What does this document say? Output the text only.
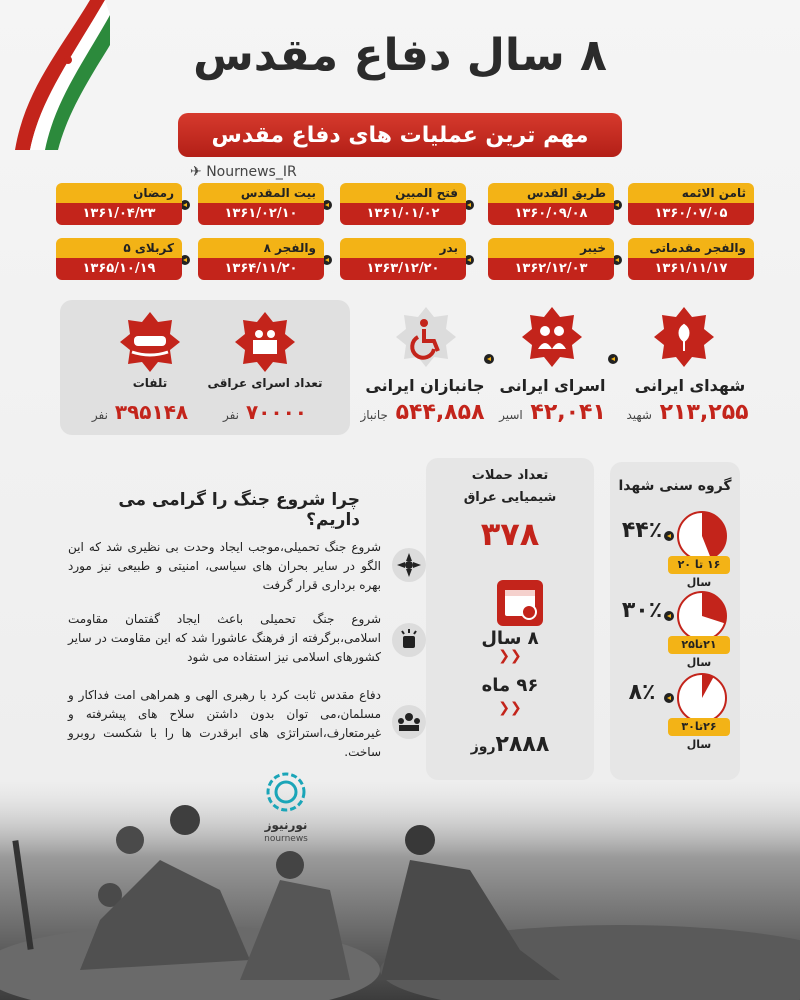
۸ سال دفاع مقدس
مهم ترین عملیات های دفاع مقدس
✈ Nournews_IR
ثامن الائمه
۱۳۶۰/۰۷/۰۵
طریق القدس
۱۳۶۰/۰۹/۰۸
فتح المبین
۱۳۶۱/۰۱/۰۲
بیت المقدس
۱۳۶۱/۰۲/۱۰
رمضان
۱۳۶۱/۰۴/۲۳
والفجر مقدماتی
۱۳۶۱/۱۱/۱۷
خیبر
۱۳۶۲/۱۲/۰۳
بدر
۱۳۶۳/۱۲/۲۰
والفجر ۸
۱۳۶۴/۱۱/۲۰
کربلای ۵
۱۳۶۵/۱۰/۱۹
شهدای ایرانی
۲۱۳,۲۵۵ شهید
اسرای ایرانی
۴۲,۰۴۱ اسیر
جانبازان ایرانی
۵۴۴,۸۵۸ جانباز
تعداد اسرای عراقی
۷۰۰۰۰ نفر
تلفات
۳۹۵۱۴۸ نفر
چرا شروع جنگ را گرامی می داریم؟
شروع جنگ تحمیلی،موجب ایجاد وحدت بی نظیری شد که این الگو در سایر بحران های سیاسی، امنیتی و طبیعی نیز مورد بهره برداری قرار گرفت
شروع جنگ تحمیلی باعث ایجاد گفتمان مقاومت اسلامی،برگرفته از فرهنگ عاشورا شد که این مقاومت در سایر کشورهای اسلامی نیز استفاده می شود
دفاع مقدس ثابت کرد با رهبری الهی و همراهی امت فداکار و مسلمان،می توان بدون داشتن سلاح های پیشرفته و غیرمتعارف،استراتژی های ابرقدرت ها را با شکست روبرو ساخت.
تعداد حملات
شیمیایی عراق
۳۷۸
۸ سال
❯❯
۹۶ ماه
❯❯
۲۸۸۸روز
گروه سنی شهدا
۴۴٪
۱۶ تا ۲۰ سال
۳۰٪
۲۱تا۲۵ سال
۸٪
۲۶تا۳۰ سال
نورنیوز
nournews
